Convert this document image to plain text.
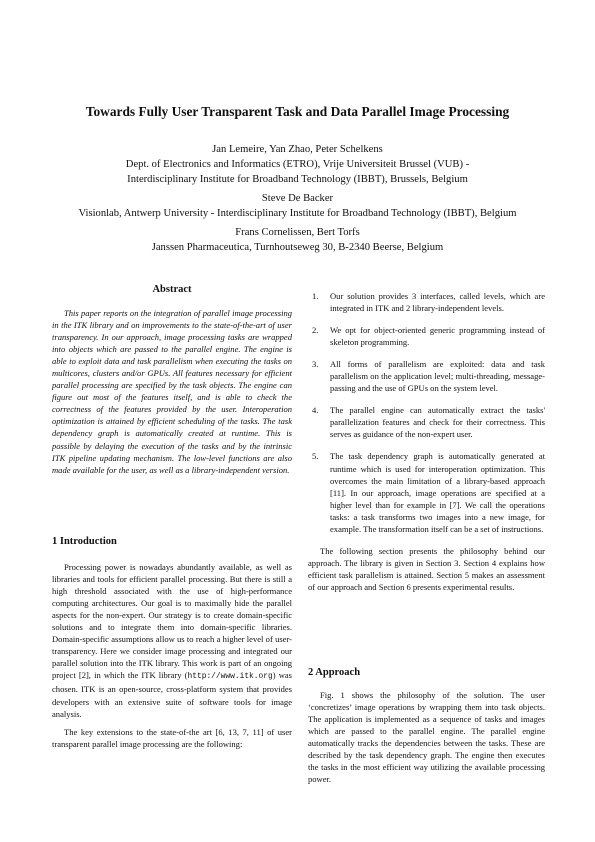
Towards Fully User Transparent Task and Data Parallel Image Processing
Jan Lemeire, Yan Zhao, Peter Schelkens
Dept. of Electronics and Informatics (ETRO), Vrije Universiteit Brussel (VUB) -
Interdisciplinary Institute for Broadband Technology (IBBT), Brussels, Belgium
Steve De Backer
Visionlab, Antwerp University - Interdisciplinary Institute for Broadband Technology (IBBT), Belgium
Frans Cornelissen, Bert Torfs
Janssen Pharmaceutica, Turnhoutseweg 30, B-2340 Beerse, Belgium
Abstract
This paper reports on the integration of parallel image processing in the ITK library and on improvements to the state-of-the-art of user transparency. In our approach, image processing tasks are wrapped into objects which are passed to the parallel engine. The engine is able to exploit data and task parallelism when executing the tasks on multicores, clusters and/or GPUs. All features necessary for efficient parallel processing are specified by the task objects. The engine can figure out most of the features itself, and is able to check the correctness of the features provided by the user. Interoperation optimization is attained by efficient scheduling of the tasks. The task dependency graph is automatically created at runtime. This is possible by delaying the execution of the tasks and by the intrinsic ITK pipeline updating mechanism. The low-level functions are also made available for the user, as well as a library-independent version.
1 Introduction

Processing power is nowadays abundantly available, as well as libraries and tools for efficient parallel processing. But there is still a high threshold associated with the use of high-performance computing architectures. Our goal is to maximally hide the parallel aspects for the non-expert. Our strategy is to create domain-specific solutions and to integrate them into domain-specific libraries. Domain-specific assumptions allow us to reach a higher level of user-transparency. Here we consider image processing and integrated our parallel solution into the ITK library. This work is part of an ongoing project [2], in which the ITK library (http://www.itk.org) was chosen. ITK is an open-source, cross-platform system that provides developers with an extensive suite of software tools for image analysis.

The key extensions to the state-of-the art [6, 13, 7, 11] of user transparent parallel image processing are the following:

1. Our solution provides 3 interfaces, called levels, which are integrated in ITK and 2 library-independent levels.
2. We opt for object-oriented generic programming instead of skeleton programming.
3. All forms of parallelism are exploited: data and task parallelism on the application level; multi-threading, message-passing and the use of GPUs on the system level.
4. The parallel engine can automatically extract the tasks' parallelization features and check for their correctness. This serves as guidance of the non-expert user.
5. The task dependency graph is automatically generated at runtime which is used for interoperation optimization. This overcomes the main limitation of a library-based approach [11]. In our approach, image operations are specified at a higher level than for example in [7]. We call the operations tasks: a task transforms two images into a new image, for example. The transformation itself can be a set of instructions.

The following section presents the philosophy behind our approach. The library is given in Section 3. Section 4 explains how efficient task parallelism is attained. Section 5 makes an assessment of our approach and Section 6 presents experimental results.

2 Approach

Fig. 1 shows the philosophy of the solution. The user ‘concretizes’ image operations by wrapping them into task objects. The application is implemented as a sequence of tasks and images which are passed to the parallel engine. The parallel engine automatically tracks the dependencies between the tasks. These are described by the task dependency graph. The engine then executes the tasks in the most efficient way utilizing the available processing power.
